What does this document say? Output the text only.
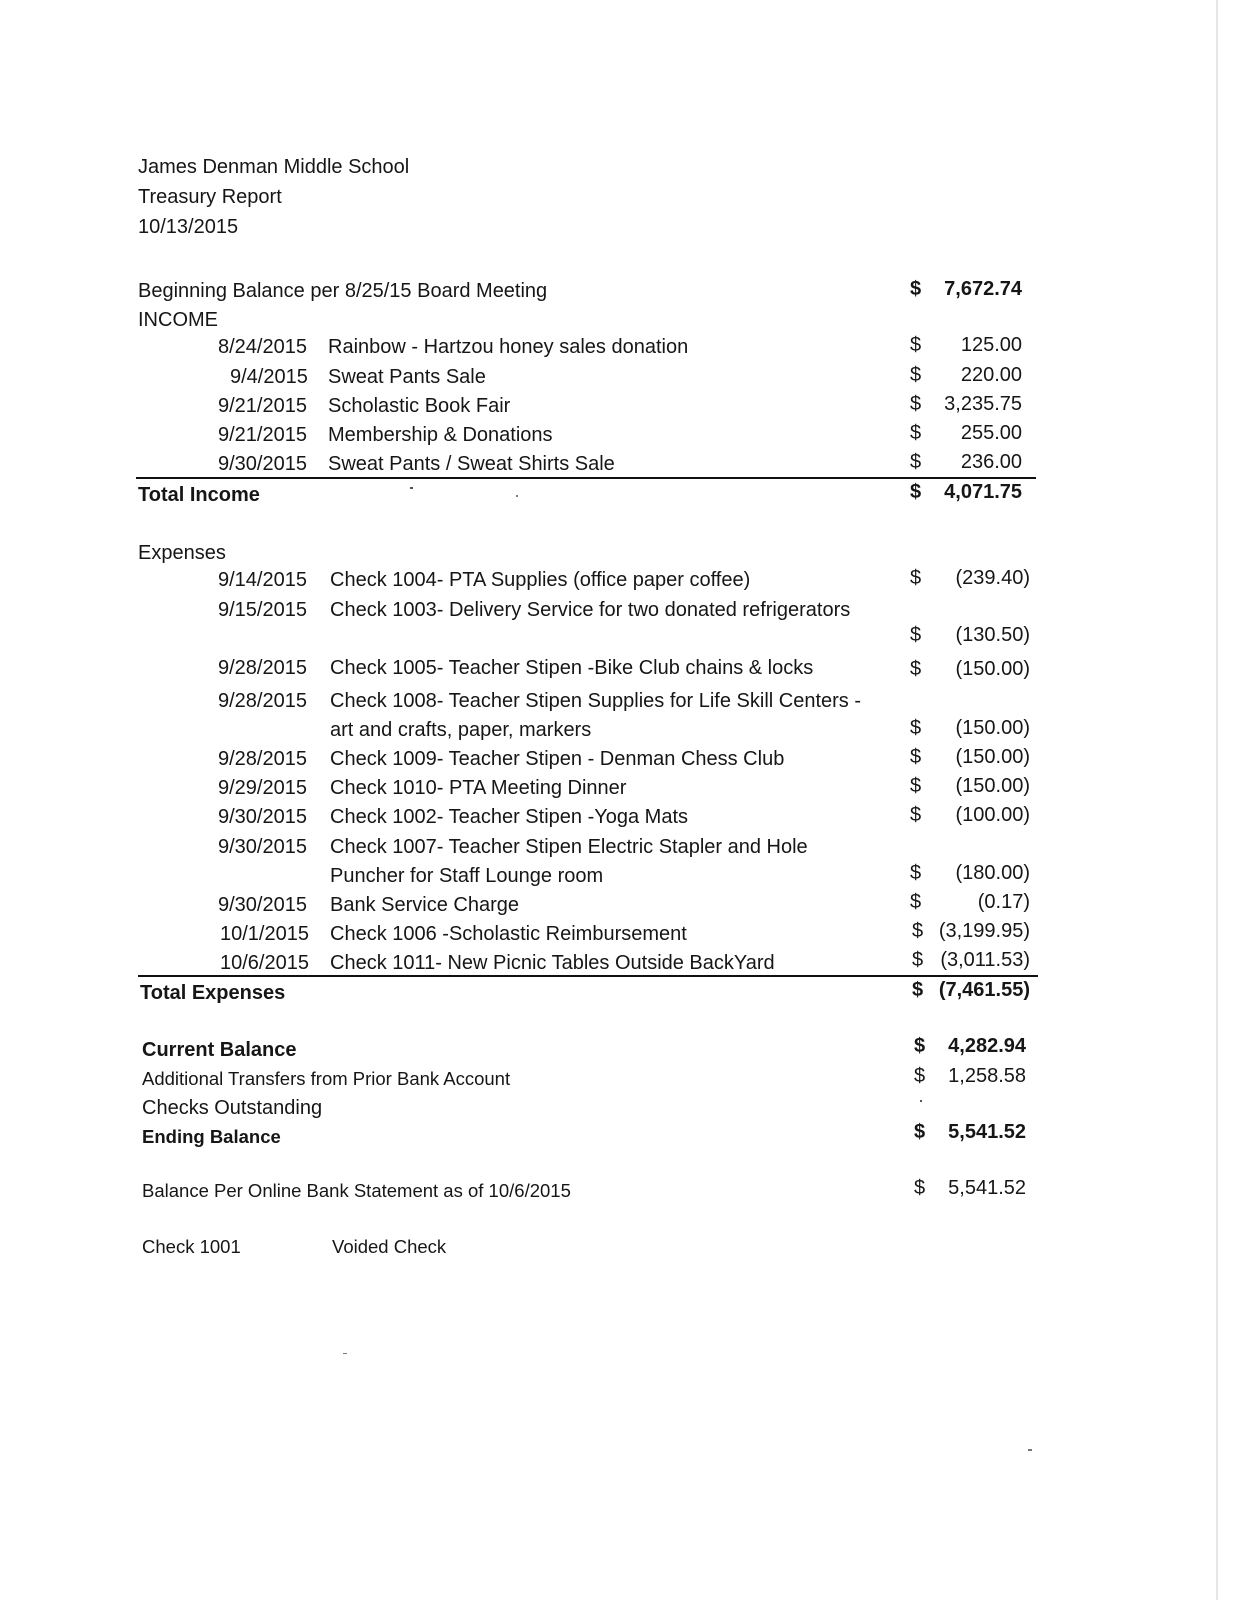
James Denman Middle School
Treasury Report
10/13/2015
Beginning Balance per 8/25/15 Board Meeting	$	7,672.74
INCOME
8/24/2015 Rainbow - Hartzou honey sales donation	$	125.00
9/4/2015 Sweat Pants Sale	$	220.00
9/21/2015 Scholastic Book Fair	$	3,235.75
9/21/2015 Membership & Donations	$	255.00
9/30/2015 Sweat Pants / Sweat Shirts Sale	$	236.00
Total Income	$	4,071.75
Expenses
9/14/2015 Check 1004- PTA Supplies (office paper coffee)	$	(239.40)
9/15/2015 Check 1003- Delivery Service for two donated refrigerators
$	(130.50)
9/28/2015 Check 1005- Teacher Stipen -Bike Club chains & locks	$	(150.00)
9/28/2015 Check 1008- Teacher Stipen Supplies for Life Skill Centers -
art and crafts, paper, markers	$	(150.00)
9/28/2015 Check 1009- Teacher Stipen - Denman Chess Club	$	(150.00)
9/29/2015 Check 1010- PTA Meeting Dinner	$	(150.00)
9/30/2015 Check 1002- Teacher Stipen -Yoga Mats	$	(100.00)
9/30/2015 Check 1007- Teacher Stipen Electric Stapler and Hole
Puncher for Staff Lounge room	$	(180.00)
9/30/2015 Bank Service Charge	$	(0.17)
10/1/2015 Check 1006 -Scholastic Reimbursement	$ (3,199.95)
10/6/2015 Check 1011- New Picnic Tables Outside BackYard	$ (3,011.53)
Total Expenses	$ (7,461.55)
Current Balance	$	4,282.94
Additional Transfers from Prior Bank Account	$	1,258.58
Checks Outstanding
Ending Balance	$	5,541.52
Balance Per Online Bank Statement as of 10/6/2015	$	5,541.52
Check 1001	Voided Check
